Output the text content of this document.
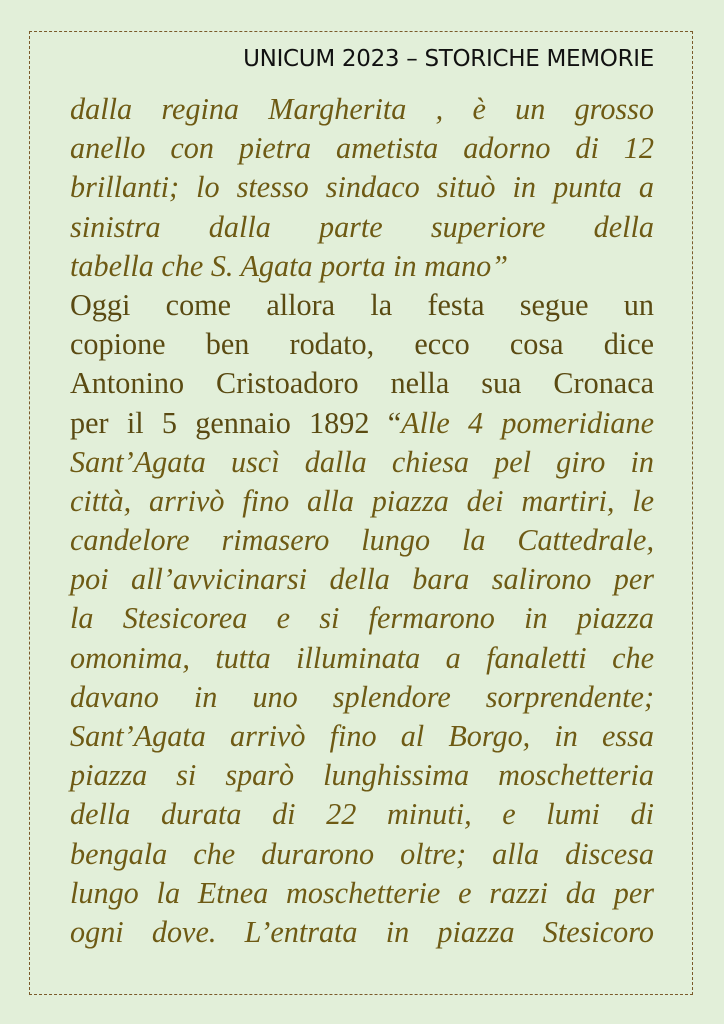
UNICUM 2023 – STORICHE MEMORIE
dalla regina Margherita , è un grosso
anello con pietra ametista adorno di 12
brillanti; lo stesso sindaco situò in punta a
sinistra dalla parte superiore della
tabella che S. Agata porta in mano”
Oggi come allora la festa segue un
copione ben rodato, ecco cosa dice
Antonino Cristoadoro nella sua Cronaca
per il 5 gennaio 1892 “Alle 4 pomeridiane
Sant’Agata uscì dalla chiesa pel giro in
città, arrivò fino alla piazza dei martiri, le
candelore rimasero lungo la Cattedrale,
poi all’avvicinarsi della bara salirono per
la Stesicorea e si fermarono in piazza
omonima, tutta illuminata a fanaletti che
davano in uno splendore sorprendente;
Sant’Agata arrivò fino al Borgo, in essa
piazza si sparò lunghissima moschetteria
della durata di 22 minuti, e lumi di
bengala che durarono oltre; alla discesa
lungo la Etnea moschetterie e razzi da per
ogni dove. L’entrata in piazza Stesicoro
